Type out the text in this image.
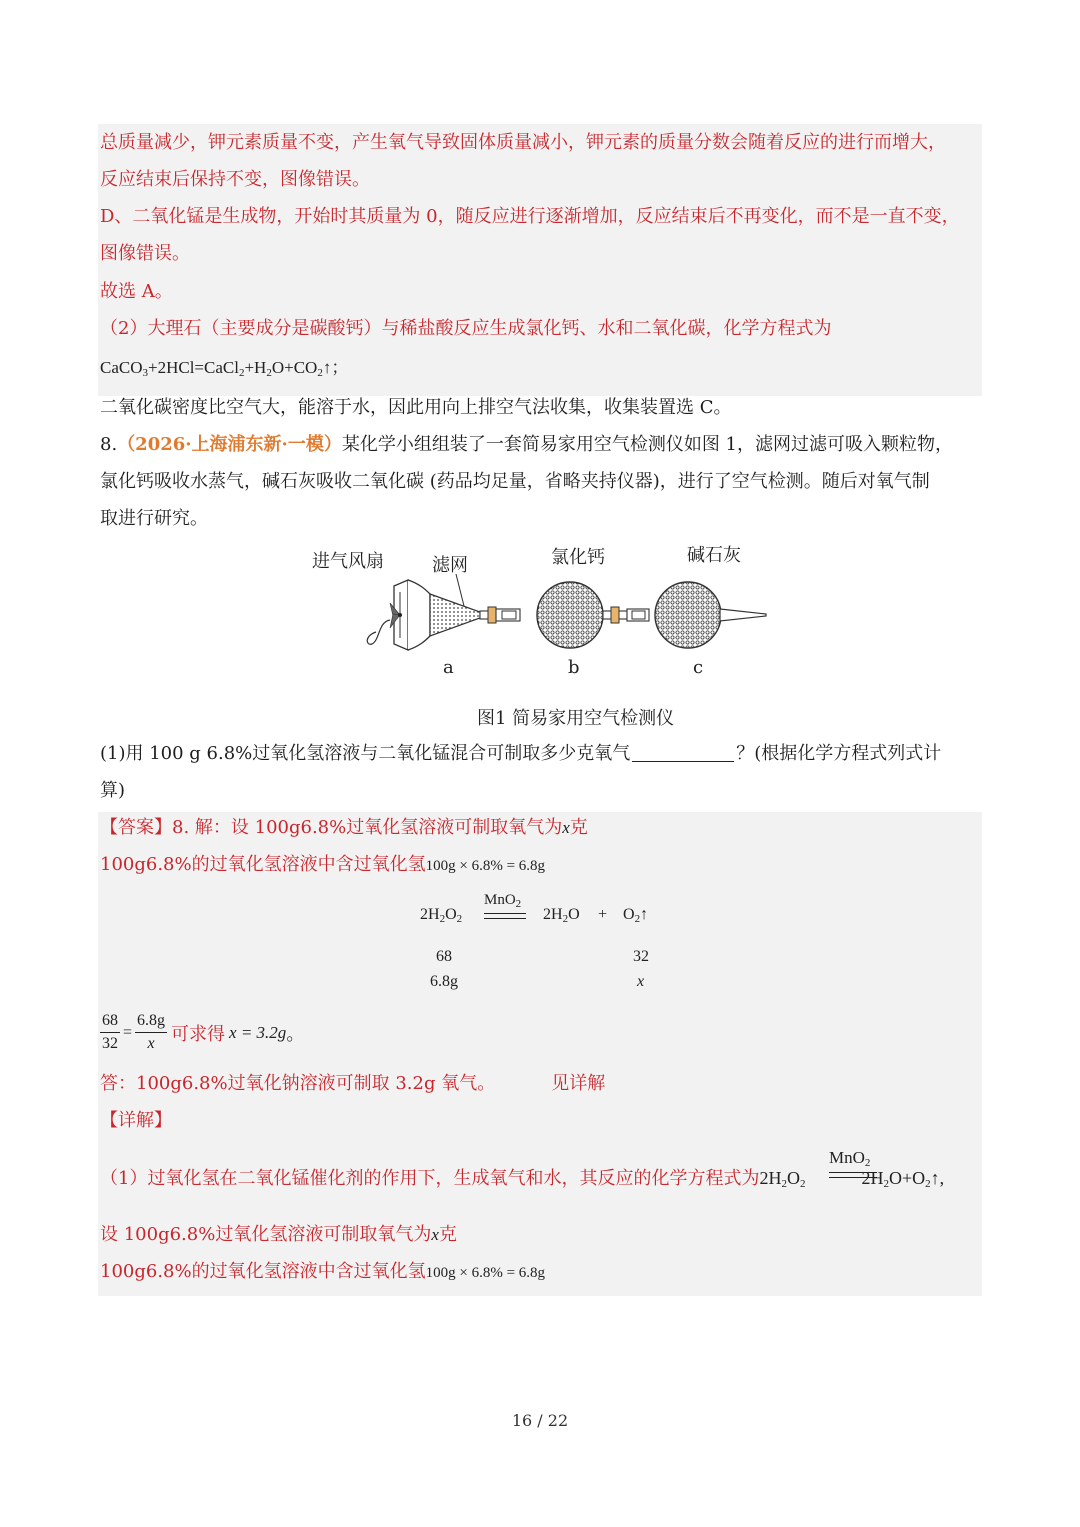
总质量减少，钾元素质量不变，产生氧气导致固体质量减小，钾元素的质量分数会随着反应的进行而增大，
反应结束后保持不变，图像错误。
D、二氧化锰是生成物，开始时其质量为 0，随反应进行逐渐增加，反应结束后不再变化，而不是一直不变，
图像错误。
故选 A。
（2）大理石（主要成分是碳酸钙）与稀盐酸反应生成氯化钙、水和二氧化碳，化学方程式为
$CaCO_3+2HCl=CaCl_2+H_2O+CO_2↑$；
二氧化碳密度比空气大，能溶于水，因此用向上排空气法收集，收集装置选 C。
8.（2026·上海浦东新·一模）某化学小组组装了一套简易家用空气检测仪如图 1，滤网过滤可吸入颗粒物，
氯化钙吸收水蒸气，碱石灰吸收二氧化碳 (药品均足量，省略夹持仪器)，进行了空气检测。随后对氧气制
取进行研究。
进气风扇	滤网	氯化钙	碱石灰
a	b	c
图1 简易家用空气检测仪
(1)用 100 g 6.8%过氧化氢溶液与二氧化锰混合可制取多少克氧气	？(根据化学方程式列式计
算)
【答案】8. 解：设 100g6.8%过氧化氢溶液可制取氧气为x克
100g6.8%的过氧化氢溶液中含过氧化氢100g × 6.8% = 6.8g
$2H_2O_2$
MnO$_2$
$2H_2O$ + $O_2↑$
68
6.8g
32
x
$\frac{68}{32} = \frac{6.8g}{x}$ 可求得 x = 3.2g 。
答：100g6.8%过氧化钠溶液可制取 3.2g 氧气。	见详解
【详解】
（1）过氧化氢在二氧化锰催化剂的作用下，生成氧气和水，其反应的化学方程式为$2H_2O_2$	$2H_2O+O_2↑$,
MnO$_2$
设 100g6.8%过氧化氢溶液可制取氧气为x克
100g6.8%的过氧化氢溶液中含过氧化氢100g × 6.8% = 6.8g
16 / 22
